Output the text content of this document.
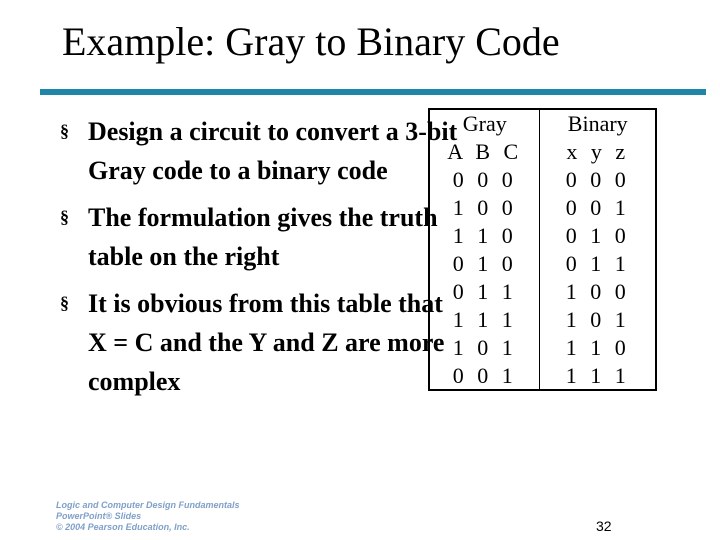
Example: Gray to Binary Code
§ Design a circuit to convert a 3-bit Gray code to a binary code
§ The formulation gives the truth table on the right
§ It is obvious from this table that X = C and the Y and Z are more complex
Gray	Binary
A B C	x y z
0 0 0	0 0 0
1 0 0	0 0 1
1 1 0	0 1 0
0 1 0	0 1 1
0 1 1	1 0 0
1 1 1	1 0 1
1 0 1	1 1 0
0 0 1	1 1 1
Logic and Computer Design Fundamentals
PowerPoint® Slides
© 2004 Pearson Education, Inc.	32
